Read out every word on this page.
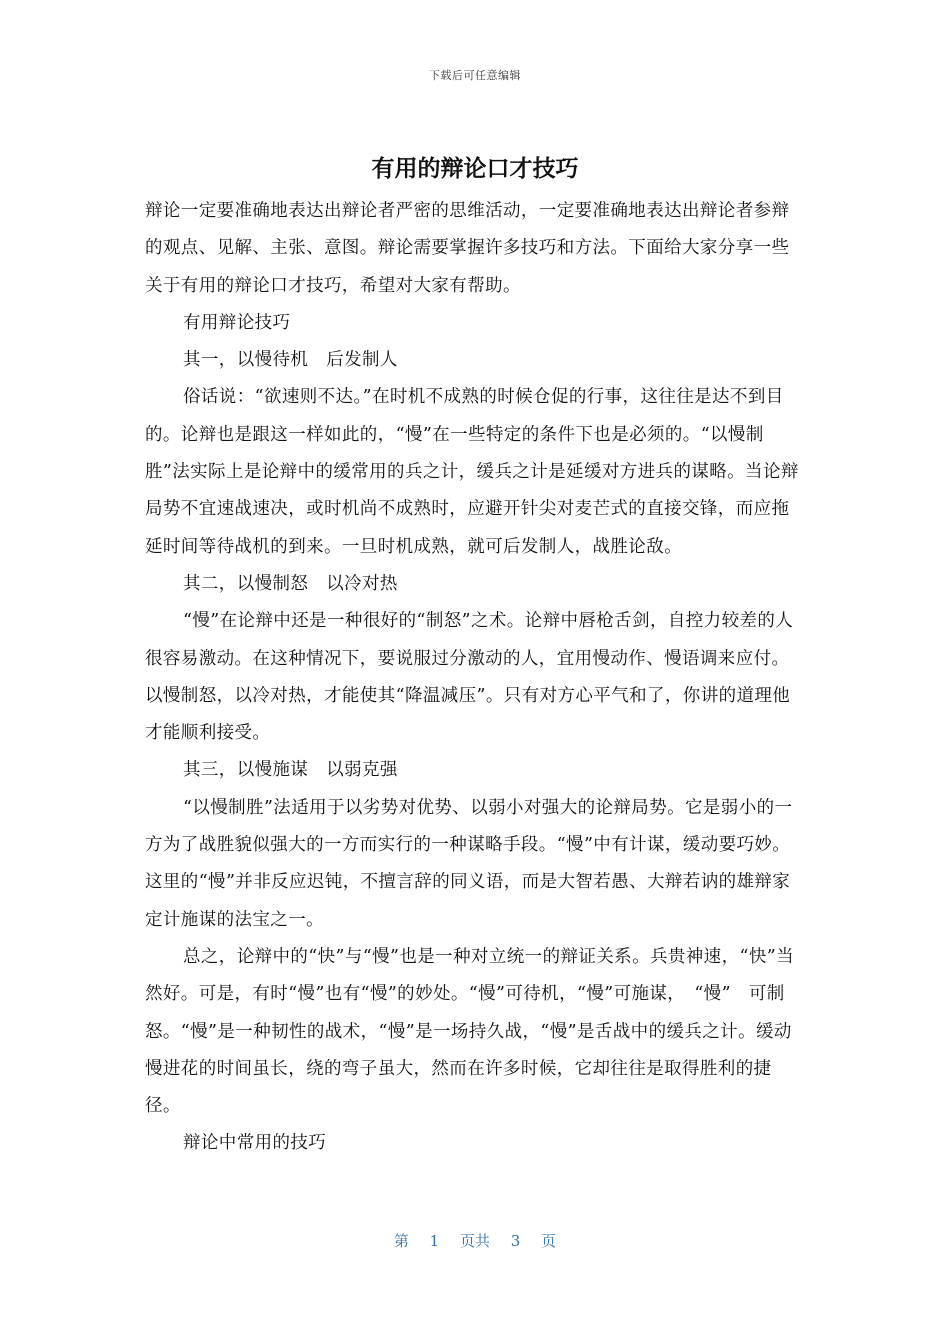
下载后可任意编辑
有用的辩论口才技巧

辩论一定要准确地表达出辩论者严密的思维活动，一定要准确地表达出辩论者参辩的观点、见解、主张、意图。辩论需要掌握许多技巧和方法。下面给大家分享一些关于有用的辩论口才技巧，希望对大家有帮助。

有用辩论技巧

其一，以慢待机　后发制人

俗话说：“欲速则不达。”在时机不成熟的时候仓促的行事，这往往是达不到目的。论辩也是跟这一样如此的，“慢”在一些特定的条件下也是必须的。“以慢制胜”法实际上是论辩中的缓常用的兵之计，缓兵之计是延缓对方进兵的谋略。当论辩局势不宜速战速决，或时机尚不成熟时，应避开针尖对麦芒式的直接交锋，而应拖延时间等待战机的到来。一旦时机成熟，就可后发制人，战胜论敌。

其二，以慢制怒　以冷对热

“慢”在论辩中还是一种很好的“制怒”之术。论辩中唇枪舌剑，自控力较差的人很容易激动。在这种情况下，要说服过分激动的人，宜用慢动作、慢语调来应付。以慢制怒，以冷对热，才能使其“降温减压”。只有对方心平气和了，你讲的道理他才能顺利接受。

其三，以慢施谋　以弱克强

“以慢制胜”法适用于以劣势对优势、以弱小对强大的论辩局势。它是弱小的一方为了战胜貌似强大的一方而实行的一种谋略手段。“慢”中有计谋，缓动要巧妙。这里的“慢”并非反应迟钝，不擅言辞的同义语，而是大智若愚、大辩若讷的雄辩家定计施谋的法宝之一。

总之，论辩中的“快”与“慢”也是一种对立统一的辩证关系。兵贵神速，“快”当然好。可是，有时“慢”也有“慢”的妙处。“慢”可待机，“慢”可施谋，　“慢”　可制怒。“慢”是一种韧性的战术，“慢”是一场持久战，“慢”是舌战中的缓兵之计。缓动慢进花的时间虽长，绕的弯子虽大，然而在许多时候，它却往往是取得胜利的捷径。

辩论中常用的技巧

第 1 页共 3 页
